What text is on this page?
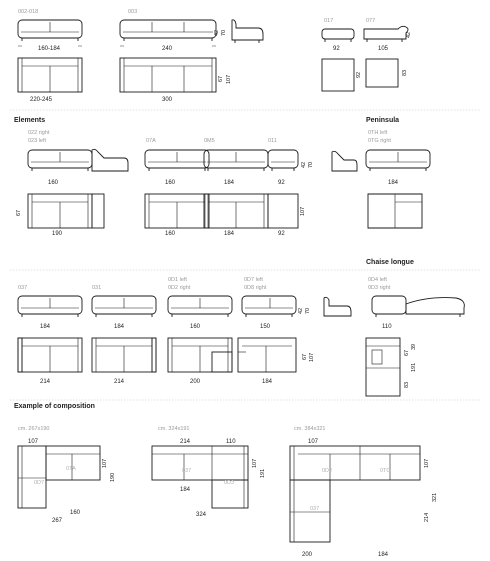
002-018	003
42 70
160-184	240
017	077
42
92	105
67 107
220-245	300
92	83
Elements	Peninsula
022 right
023 left	07A	0M5	011
0TH left
0TG right
42 70
160	160	184	92	184
67
190
107
160	184	92
Chaise longue
037	031
0D1 left
0D2 right
0D7 left
0D8 right
0D4 left
0D3 right
42 70
184	184	160	150	110
67 107
214	214	200	184
67
39
191
83
Example of composition
cm. 267x190	cm. 324x191	cm. 384x321
107
0D7
07A
107
190
160
267
214	110
037
0D3
184
107
191
324
107
0D2	0TG
037
107
321
214
200	184
